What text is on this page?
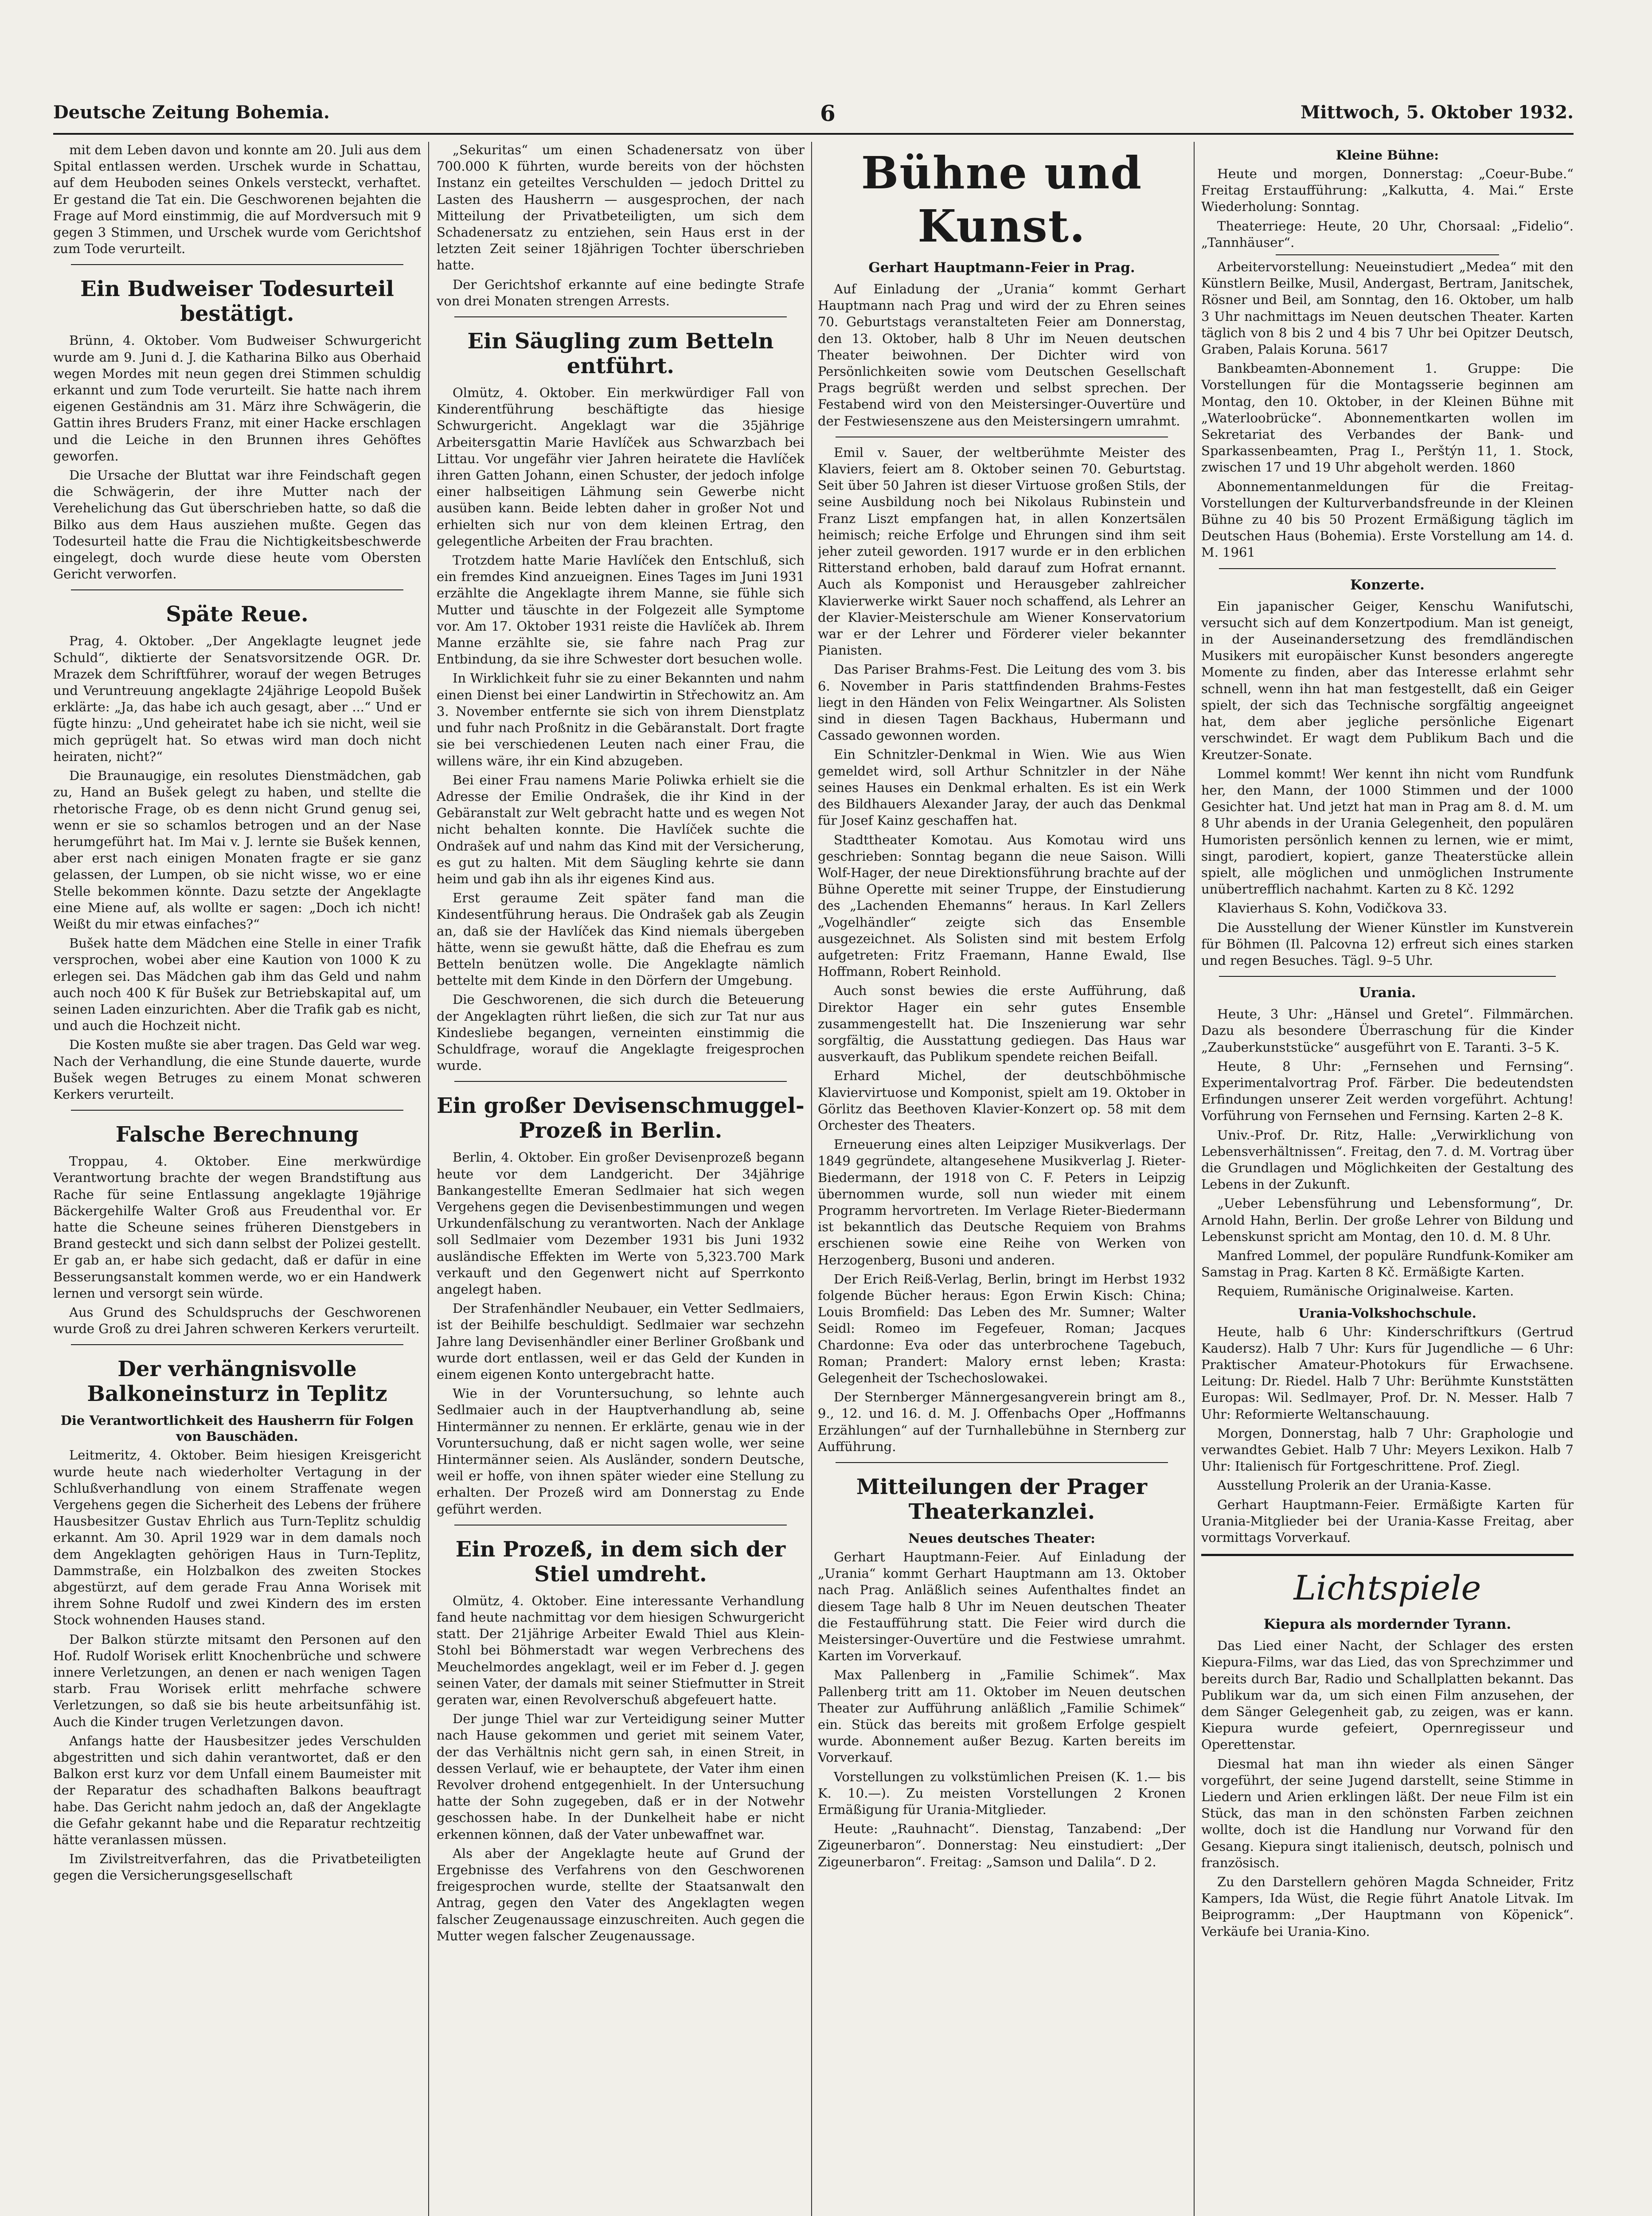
Deutsche Zeitung Bohemia.	6	Mittwoch, 5. Oktober 1932.

mit dem Leben davon und konnte am 20. Juli aus dem Spital entlassen werden. Urschek wurde in Schattau, auf dem Heuboden seines Onkels versteckt, verhaftet. Er gestand die Tat ein. Die Geschworenen bejahten die Frage auf Mord einstimmig, die auf Mordversuch mit 9 gegen 3 Stimmen, und Urschek wurde vom Gerichtshof zum Tode verurteilt.

Ein Budweiser Todesurteil bestätigt.

Brünn, 4. Oktober. Vom Budweiser Schwurgericht wurde am 9. Juni d. J. die Katharina Bilko aus Oberhaid wegen Mordes mit neun gegen drei Stimmen schuldig erkannt und zum Tode verurteilt. Sie hatte nach ihrem eigenen Geständnis am 31. März ihre Schwägerin, die Gattin ihres Bruders Franz, mit einer Hacke erschlagen und die Leiche in den Brunnen ihres Gehöftes geworfen.

Die Ursache der Bluttat war ihre Feindschaft gegen die Schwägerin, der ihre Mutter nach der Verehelichung das Gut überschrieben hatte, so daß die Bilko aus dem Haus ausziehen mußte. Gegen das Todesurteil hatte die Frau die Nichtigkeitsbeschwerde eingelegt, doch wurde diese heute vom Obersten Gericht verworfen.

Späte Reue.

Prag, 4. Oktober. „Der Angeklagte leugnet jede Schuld“, diktierte der Senatsvorsitzende OGR. Dr. Mrazek dem Schriftführer, worauf der wegen Betruges und Veruntreuung angeklagte 24jährige Leopold Bušek erklärte: „Ja, das habe ich auch gesagt, aber ...“ Und er fügte hinzu: „Und geheiratet habe ich sie nicht, weil sie mich geprügelt hat. So etwas wird man doch nicht heiraten, nicht?“

Die Braunaugige, ein resolutes Dienstmädchen, gab zu, Hand an Bušek gelegt zu haben, und stellte die rhetorische Frage, ob es denn nicht Grund genug sei, wenn er sie so schamlos betrogen und an der Nase herumgeführt hat. Im Mai v. J. lernte sie Bušek kennen, aber erst nach einigen Monaten fragte er sie ganz gelassen, der Lumpen, ob sie nicht wisse, wo er eine Stelle bekommen könnte. Dazu setzte der Angeklagte eine Miene auf, als wollte er sagen: „Doch ich nicht! Weißt du mir etwas einfaches?“

Bušek hatte dem Mädchen eine Stelle in einer Trafik versprochen, wobei aber eine Kaution von 1000 K zu erlegen sei. Das Mädchen gab ihm das Geld und nahm auch noch 400 K für Bušek zur Betriebskapital auf, um seinen Laden einzurichten. Aber die Trafik gab es nicht, und auch die Hochzeit nicht.

Die Kosten mußte sie aber tragen. Das Geld war weg. Nach der Verhandlung, die eine Stunde dauerte, wurde Bušek wegen Betruges zu einem Monat schweren Kerkers verurteilt.

Falsche Berechnung

Troppau, 4. Oktober. Eine merkwürdige Verantwortung brachte der wegen Brandstiftung aus Rache für seine Entlassung angeklagte 19jährige Bäckergehilfe Walter Groß aus Freudenthal vor. Er hatte die Scheune seines früheren Dienstgebers in Brand gesteckt und sich dann selbst der Polizei gestellt. Er gab an, er habe sich gedacht, daß er dafür in eine Besserungsanstalt kommen werde, wo er ein Handwerk lernen und versorgt sein würde.

Aus Grund des Schuldspruchs der Geschworenen wurde Groß zu drei Jahren schweren Kerkers verurteilt.

Der verhängnisvolle Balkoneinsturz in Teplitz
Die Verantwortlichkeit des Hausherrn für Folgen von Bauschäden.

Leitmeritz, 4. Oktober. Beim hiesigen Kreisgericht wurde heute nach wiederholter Vertagung in der Schlußverhandlung von einem Straffenate wegen Vergehens gegen die Sicherheit des Lebens der frühere Hausbesitzer Gustav Ehrlich aus Turn-Teplitz schuldig erkannt. Am 30. April 1929 war in dem damals noch dem Angeklagten gehörigen Haus in Turn-Teplitz, Dammstraße, ein Holzbalkon des zweiten Stockes abgestürzt, auf dem gerade Frau Anna Worisek mit ihrem Sohne Rudolf und zwei Kindern des im ersten Stock wohnenden Hauses stand.

Der Balkon stürzte mitsamt den Personen auf den Hof. Rudolf Worisek erlitt Knochenbrüche und schwere innere Verletzungen, an denen er nach wenigen Tagen starb. Frau Worisek erlitt mehrfache schwere Verletzungen, so daß sie bis heute arbeitsunfähig ist. Auch die Kinder trugen Verletzungen davon.

Anfangs hatte der Hausbesitzer jedes Verschulden abgestritten und sich dahin verantwortet, daß er den Balkon erst kurz vor dem Unfall einem Baumeister mit der Reparatur des schadhaften Balkons beauftragt habe. Das Gericht nahm jedoch an, daß der Angeklagte die Gefahr gekannt habe und die Reparatur rechtzeitig hätte veranlassen müssen.

Im Zivilstreitverfahren, das die Privatbeteiligten gegen die Versicherungsgesellschaft

„Sekuritas“ um einen Schadenersatz von über 700.000 K führten, wurde bereits von der höchsten Instanz ein geteiltes Verschulden — jedoch Drittel zu Lasten des Hausherrn — ausgesprochen, der nach Mitteilung der Privatbeteiligten, um sich dem Schadenersatz zu entziehen, sein Haus erst in der letzten Zeit seiner 18jährigen Tochter überschrieben hatte.

Der Gerichtshof erkannte auf eine bedingte Strafe von drei Monaten strengen Arrests.

Ein Säugling zum Betteln entführt.

Olmütz, 4. Oktober. Ein merkwürdiger Fall von Kinderentführung beschäftigte das hiesige Schwurgericht. Angeklagt war die 35jährige Arbeitersgattin Marie Havlíček aus Schwarzbach bei Littau. Vor ungefähr vier Jahren heiratete die Havlíček ihren Gatten Johann, einen Schuster, der jedoch infolge einer halbseitigen Lähmung sein Gewerbe nicht ausüben kann. Beide lebten daher in großer Not und erhielten sich nur von dem kleinen Ertrag, den gelegentliche Arbeiten der Frau brachten.

Trotzdem hatte Marie Havlíček den Entschluß, sich ein fremdes Kind anzueignen. Eines Tages im Juni 1931 erzählte die Angeklagte ihrem Manne, sie fühle sich Mutter und täuschte in der Folgezeit alle Symptome vor. Am 17. Oktober 1931 reiste die Havlíček ab. Ihrem Manne erzählte sie, sie fahre nach Prag zur Entbindung, da sie ihre Schwester dort besuchen wolle.

In Wirklichkeit fuhr sie zu einer Bekannten und nahm einen Dienst bei einer Landwirtin in Střechowitz an. Am 3. November entfernte sie sich von ihrem Dienstplatz und fuhr nach Proßnitz in die Gebäranstalt. Dort fragte sie bei verschiedenen Leuten nach einer Frau, die willens wäre, ihr ein Kind abzugeben.

Bei einer Frau namens Marie Poliwka erhielt sie die Adresse der Emilie Ondrašek, die ihr Kind in der Gebäranstalt zur Welt gebracht hatte und es wegen Not nicht behalten konnte. Die Havlíček suchte die Ondrašek auf und nahm das Kind mit der Versicherung, es gut zu halten. Mit dem Säugling kehrte sie dann heim und gab ihn als ihr eigenes Kind aus.

Erst geraume Zeit später fand man die Kindesentführung heraus. Die Ondrašek gab als Zeugin an, daß sie der Havlíček das Kind niemals übergeben hätte, wenn sie gewußt hätte, daß die Ehefrau es zum Betteln benützen wolle. Die Angeklagte nämlich bettelte mit dem Kinde in den Dörfern der Umgebung.

Die Geschworenen, die sich durch die Beteuerung der Angeklagten rührt ließen, die sich zur Tat nur aus Kindesliebe begangen, verneinten einstimmig die Schuldfrage, worauf die Angeklagte freigesprochen wurde.

Ein großer Devisenschmuggel-Prozeß in Berlin.

Berlin, 4. Oktober. Ein großer Devisenprozeß begann heute vor dem Landgericht. Der 34jährige Bankangestellte Emeran Sedlmaier hat sich wegen Vergehens gegen die Devisenbestimmungen und wegen Urkundenfälschung zu verantworten. Nach der Anklage soll Sedlmaier vom Dezember 1931 bis Juni 1932 ausländische Effekten im Werte von 5,323.700 Mark verkauft und den Gegenwert nicht auf Sperrkonto angelegt haben.

Der Strafenhändler Neubauer, ein Vetter Sedlmaiers, ist der Beihilfe beschuldigt. Sedlmaier war sechzehn Jahre lang Devisenhändler einer Berliner Großbank und wurde dort entlassen, weil er das Geld der Kunden in einem eigenen Konto untergebracht hatte.

Wie in der Voruntersuchung, so lehnte auch Sedlmaier auch in der Hauptverhandlung ab, seine Hintermänner zu nennen. Er erklärte, genau wie in der Voruntersuchung, daß er nicht sagen wolle, wer seine Hintermänner seien. Als Ausländer, sondern Deutsche, weil er hoffe, von ihnen später wieder eine Stellung zu erhalten. Der Prozeß wird am Donnerstag zu Ende geführt werden.

Ein Prozeß, in dem sich der Stiel umdreht.

Olmütz, 4. Oktober. Eine interessante Verhandlung fand heute nachmittag vor dem hiesigen Schwurgericht statt. Der 21jährige Arbeiter Ewald Thiel aus Klein-Stohl bei Böhmerstadt war wegen Verbrechens des Meuchelmordes angeklagt, weil er im Feber d. J. gegen seinen Vater, der damals mit seiner Stiefmutter in Streit geraten war, einen Revolverschuß abgefeuert hatte.

Der junge Thiel war zur Verteidigung seiner Mutter nach Hause gekommen und geriet mit seinem Vater, der das Verhältnis nicht gern sah, in einen Streit, in dessen Verlauf, wie er behauptete, der Vater ihm einen Revolver drohend entgegenhielt. In der Untersuchung hatte der Sohn zugegeben, daß er in der Notwehr geschossen habe. In der Dunkelheit habe er nicht erkennen können, daß der Vater unbewaffnet war.

Als aber der Angeklagte heute auf Grund der Ergebnisse des Verfahrens von den Geschworenen freigesprochen wurde, stellte der Staatsanwalt den Antrag, gegen den Vater des Angeklagten wegen falscher Zeugenaussage einzuschreiten. Auch gegen die Mutter wegen falscher Zeugenaussage.

Bühne und Kunst.
Gerhart Hauptmann-Feier in Prag.

Auf Einladung der „Urania“ kommt Gerhart Hauptmann nach Prag und wird der zu Ehren seines 70. Geburtstags veranstalteten Feier am Donnerstag, den 13. Oktober, halb 8 Uhr im Neuen deutschen Theater beiwohnen. Der Dichter wird von Persönlichkeiten sowie vom Deutschen Gesellschaft Prags begrüßt werden und selbst sprechen. Der Festabend wird von den Meistersinger-Ouvertüre und der Festwiesenszene aus den Meistersingern umrahmt.

Emil v. Sauer, der weltberühmte Meister des Klaviers, feiert am 8. Oktober seinen 70. Geburtstag. Seit über 50 Jahren ist dieser Virtuose großen Stils, der seine Ausbildung noch bei Nikolaus Rubinstein und Franz Liszt empfangen hat, in allen Konzertsälen heimisch; reiche Erfolge und Ehrungen sind ihm seit jeher zuteil geworden. 1917 wurde er in den erblichen Ritterstand erhoben, bald darauf zum Hofrat ernannt. Auch als Komponist und Herausgeber zahlreicher Klavierwerke wirkt Sauer noch schaffend, als Lehrer an der Klavier-Meisterschule am Wiener Konservatorium war er der Lehrer und Förderer vieler bekannter Pianisten.

Das Pariser Brahms-Fest. Die Leitung des vom 3. bis 6. November in Paris stattfindenden Brahms-Festes liegt in den Händen von Felix Weingartner. Als Solisten sind in diesen Tagen Backhaus, Hubermann und Cassado gewonnen worden.

Ein Schnitzler-Denkmal in Wien. Wie aus Wien gemeldet wird, soll Arthur Schnitzler in der Nähe seines Hauses ein Denkmal erhalten. Es ist ein Werk des Bildhauers Alexander Jaray, der auch das Denkmal für Josef Kainz geschaffen hat.

Stadttheater Komotau. Aus Komotau wird uns geschrieben: Sonntag begann die neue Saison. Willi Wolf-Hager, der neue Direktionsführung brachte auf der Bühne Operette mit seiner Truppe, der Einstudierung des „Lachenden Ehemanns“ heraus. In Karl Zellers „Vogelhändler“ zeigte sich das Ensemble ausgezeichnet. Als Solisten sind mit bestem Erfolg aufgetreten: Fritz Fraemann, Hanne Ewald, Ilse Hoffmann, Robert Reinhold.

Auch sonst bewies die erste Aufführung, daß Direktor Hager ein sehr gutes Ensemble zusammengestellt hat. Die Inszenierung war sehr sorgfältig, die Ausstattung gediegen. Das Haus war ausverkauft, das Publikum spendete reichen Beifall.

Erhard Michel, der deutschböhmische Klaviervirtuose und Komponist, spielt am 19. Oktober in Görlitz das Beethoven Klavier-Konzert op. 58 mit dem Orchester des Theaters.

Erneuerung eines alten Leipziger Musikverlags. Der 1849 gegründete, altangesehene Musikverlag J. Rieter-Biedermann, der 1918 von C. F. Peters in Leipzig übernommen wurde, soll nun wieder mit einem Programm hervortreten. Im Verlage Rieter-Biedermann ist bekanntlich das Deutsche Requiem von Brahms erschienen sowie eine Reihe von Werken von Herzogenberg, Busoni und anderen.

Der Erich Reiß-Verlag, Berlin, bringt im Herbst 1932 folgende Bücher heraus: Egon Erwin Kisch: China; Louis Bromfield: Das Leben des Mr. Sumner; Walter Seidl: Romeo im Fegefeuer, Roman; Jacques Chardonne: Eva oder das unterbrochene Tagebuch, Roman; Prandert: Malory ernst leben; Krasta: Gelegenheit der Tschechoslowakei.

Der Sternberger Männergesangverein bringt am 8., 9., 12. und 16. d. M. J. Offenbachs Oper „Hoffmanns Erzählungen“ auf der Turnhallebühne in Sternberg zur Aufführung.

Mitteilungen der Prager Theaterkanzlei.
Neues deutsches Theater:

Gerhart Hauptmann-Feier. Auf Einladung der „Urania“ kommt Gerhart Hauptmann am 13. Oktober nach Prag. Anläßlich seines Aufenthaltes findet an diesem Tage halb 8 Uhr im Neuen deutschen Theater die Festaufführung statt. Die Feier wird durch die Meistersinger-Ouvertüre und die Festwiese umrahmt. Karten im Vorverkauf.

Max Pallenberg in „Familie Schimek“. Max Pallenberg tritt am 11. Oktober im Neuen deutschen Theater zur Aufführung anläßlich „Familie Schimek“ ein. Stück das bereits mit großem Erfolge gespielt wurde. Abonnement außer Bezug. Karten bereits im Vorverkauf.

Vorstellungen zu volkstümlichen Preisen (K. 1.— bis K. 10.—). Zu meisten Vorstellungen 2 Kronen Ermäßigung für Urania-Mitglieder.

Heute: „Rauhnacht“. Dienstag, Tanzabend: „Der Zigeunerbaron“. Donnerstag: Neu einstudiert: „Der Zigeunerbaron“. Freitag: „Samson und Dalila“. D 2.

Kleine Bühne:

Heute und morgen, Donnerstag: „Coeur-Bube.“ Freitag Erstaufführung: „Kalkutta, 4. Mai.“ Erste Wiederholung: Sonntag.

Theaterriege: Heute, 20 Uhr, Chorsaal: „Fidelio“. „Tannhäuser“.

Arbeitervorstellung: Neueinstudiert „Medea“ mit den Künstlern Beilke, Musil, Andergast, Bertram, Janitschek, Rösner und Beil, am Sonntag, den 16. Oktober, um halb 3 Uhr nachmittags im Neuen deutschen Theater. Karten täglich von 8 bis 2 und 4 bis 7 Uhr bei Opitzer Deutsch, Graben, Palais Koruna. 5617

Bankbeamten-Abonnement 1. Gruppe: Die Vorstellungen für die Montagsserie beginnen am Montag, den 10. Oktober, in der Kleinen Bühne mit „Waterloobrücke“. Abonnementkarten wollen im Sekretariat des Verbandes der Bank- und Sparkassenbeamten, Prag I., Perštýn 11, 1. Stock, zwischen 17 und 19 Uhr abgeholt werden. 1860

Abonnementanmeldungen für die Freitag-Vorstellungen der Kulturverbandsfreunde in der Kleinen Bühne zu 40 bis 50 Prozent Ermäßigung täglich im Deutschen Haus (Bohemia). Erste Vorstellung am 14. d. M. 1961

Konzerte.

Ein japanischer Geiger, Kenschu Wanifutschi, versucht sich auf dem Konzertpodium. Man ist geneigt, in der Auseinandersetzung des fremdländischen Musikers mit europäischer Kunst besonders angeregte Momente zu finden, aber das Interesse erlahmt sehr schnell, wenn ihn hat man festgestellt, daß ein Geiger spielt, der sich das Technische sorgfältig angeeignet hat, dem aber jegliche persönliche Eigenart verschwindet. Er wagt dem Publikum Bach und die Kreutzer-Sonate.

Lommel kommt! Wer kennt ihn nicht vom Rundfunk her, den Mann, der 1000 Stimmen und der 1000 Gesichter hat. Und jetzt hat man in Prag am 8. d. M. um 8 Uhr abends in der Urania Gelegenheit, den populären Humoristen persönlich kennen zu lernen, wie er mimt, singt, parodiert, kopiert, ganze Theaterstücke allein spielt, alle möglichen und unmöglichen Instrumente unübertrefflich nachahmt. Karten zu 8 Kč. 1292

Klavierhaus S. Kohn, Vodičkova 33.

Die Ausstellung der Wiener Künstler im Kunstverein für Böhmen (Il. Palcovna 12) erfreut sich eines starken und regen Besuches. Tägl. 9–5 Uhr.

Urania.

Heute, 3 Uhr: „Hänsel und Gretel“. Filmmärchen. Dazu als besondere Überraschung für die Kinder „Zauberkunststücke“ ausgeführt von E. Taranti. 3–5 K.

Heute, 8 Uhr: „Fernsehen und Fernsing“. Experimentalvortrag Prof. Färber. Die bedeutendsten Erfindungen unserer Zeit werden vorgeführt. Achtung! Vorführung von Fernsehen und Fernsing. Karten 2–8 K.

Univ.-Prof. Dr. Ritz, Halle: „Verwirklichung von Lebensverhältnissen“. Freitag, den 7. d. M. Vortrag über die Grundlagen und Möglichkeiten der Gestaltung des Lebens in der Zukunft.

„Ueber Lebensführung und Lebensformung“, Dr. Arnold Hahn, Berlin. Der große Lehrer von Bildung und Lebenskunst spricht am Montag, den 10. d. M. 8 Uhr.

Manfred Lommel, der populäre Rundfunk-Komiker am Samstag in Prag. Karten 8 Kč. Ermäßigte Karten.

Requiem, Rumänische Originalweise. Karten.

Urania-Volkshochschule.

Heute, halb 6 Uhr: Kinderschriftkurs (Gertrud Kaudersz). Halb 7 Uhr: Kurs für Jugendliche — 6 Uhr: Praktischer Amateur-Photokurs für Erwachsene. Leitung: Dr. Riedel. Halb 7 Uhr: Berühmte Kunststätten Europas: Wil. Sedlmayer, Prof. Dr. N. Messer. Halb 7 Uhr: Reformierte Weltanschauung.

Morgen, Donnerstag, halb 7 Uhr: Graphologie und verwandtes Gebiet. Halb 7 Uhr: Meyers Lexikon. Halb 7 Uhr: Italienisch für Fortgeschrittene. Prof. Ziegl.

Ausstellung Prolerik an der Urania-Kasse.

Gerhart Hauptmann-Feier. Ermäßigte Karten für Urania-Mitglieder bei der Urania-Kasse Freitag, aber vormittags Vorverkauf.

Lichtspiele
Kiepura als mordernder Tyrann.

Das Lied einer Nacht, der Schlager des ersten Kiepura-Films, war das Lied, das von Sprechzimmer und bereits durch Bar, Radio und Schallplatten bekannt. Das Publikum war da, um sich einen Film anzusehen, der dem Sänger Gelegenheit gab, zu zeigen, was er kann. Kiepura wurde gefeiert, Opernregisseur und Operettenstar.

Diesmal hat man ihn wieder als einen Sänger vorgeführt, der seine Jugend darstellt, seine Stimme in Liedern und Arien erklingen läßt. Der neue Film ist ein Stück, das man in den schönsten Farben zeichnen wollte, doch ist die Handlung nur Vorwand für den Gesang. Kiepura singt italienisch, deutsch, polnisch und französisch.

Zu den Darstellern gehören Magda Schneider, Fritz Kampers, Ida Wüst, die Regie führt Anatole Litvak. Im Beiprogramm: „Der Hauptmann von Köpenick“. Verkäufe bei Urania-Kino.
